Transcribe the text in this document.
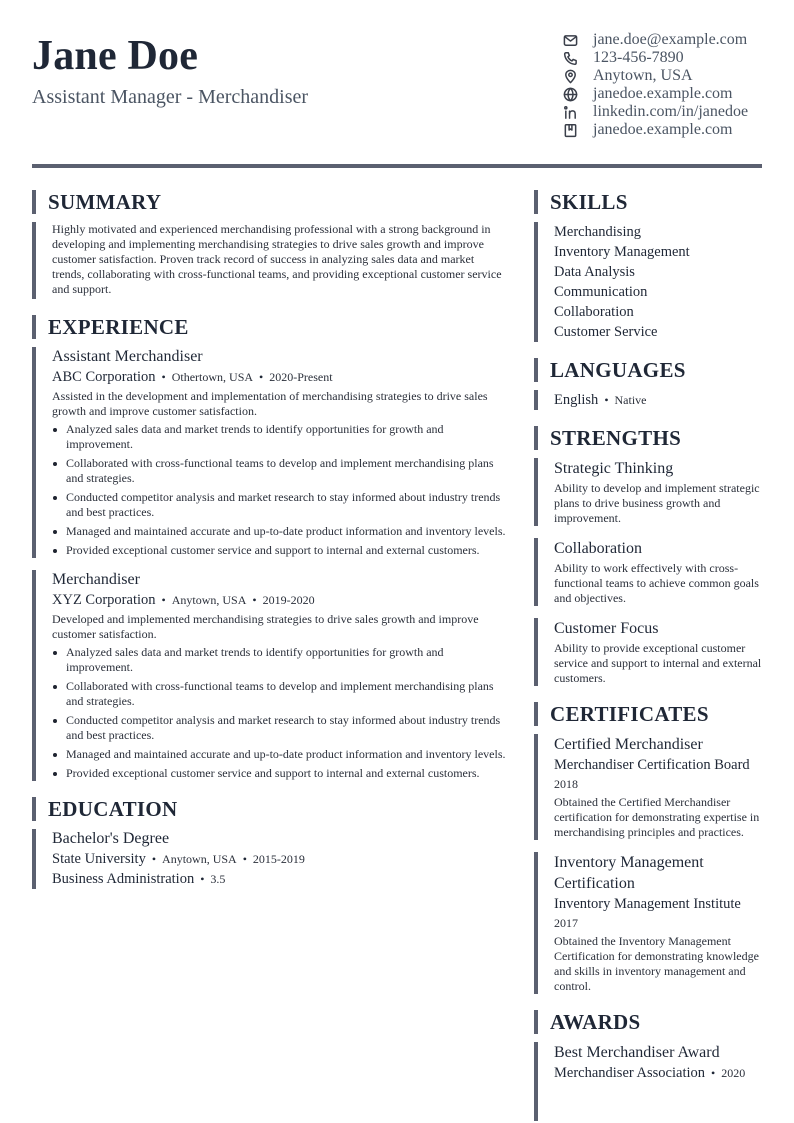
Jane Doe
Assistant Manager - Merchandiser
jane.doe@example.com
123-456-7890
Anytown, USA
janedoe.example.com
linkedin.com/in/janedoe
janedoe.example.com
SUMMARY
Highly motivated and experienced merchandising professional with a strong background in developing and implementing merchandising strategies to drive sales growth and improve customer satisfaction. Proven track record of success in analyzing sales data and market trends, collaborating with cross-functional teams, and providing exceptional customer service and support.
EXPERIENCE
Assistant Merchandiser
ABC Corporation • Othertown, USA • 2020-Present
Assisted in the development and implementation of merchandising strategies to drive sales growth and improve customer satisfaction.
Analyzed sales data and market trends to identify opportunities for growth and improvement.
Collaborated with cross-functional teams to develop and implement merchandising plans and strategies.
Conducted competitor analysis and market research to stay informed about industry trends and best practices.
Managed and maintained accurate and up-to-date product information and inventory levels.
Provided exceptional customer service and support to internal and external customers.
Merchandiser
XYZ Corporation • Anytown, USA • 2019-2020
Developed and implemented merchandising strategies to drive sales growth and improve customer satisfaction.
Analyzed sales data and market trends to identify opportunities for growth and improvement.
Collaborated with cross-functional teams to develop and implement merchandising plans and strategies.
Conducted competitor analysis and market research to stay informed about industry trends and best practices.
Managed and maintained accurate and up-to-date product information and inventory levels.
Provided exceptional customer service and support to internal and external customers.
EDUCATION
Bachelor's Degree
State University • Anytown, USA • 2015-2019
Business Administration • 3.5
SKILLS
Merchandising
Inventory Management
Data Analysis
Communication
Collaboration
Customer Service
LANGUAGES
English • Native
STRENGTHS
Strategic Thinking
Ability to develop and implement strategic plans to drive business growth and improvement.
Collaboration
Ability to work effectively with cross-functional teams to achieve common goals and objectives.
Customer Focus
Ability to provide exceptional customer service and support to internal and external customers.
CERTIFICATES
Certified Merchandiser
Merchandiser Certification Board
2018
Obtained the Certified Merchandiser certification for demonstrating expertise in merchandising principles and practices.
Inventory Management Certification
Inventory Management Institute
2017
Obtained the Inventory Management Certification for demonstrating knowledge and skills in inventory management and control.
AWARDS
Best Merchandiser Award
Merchandiser Association • 2020
